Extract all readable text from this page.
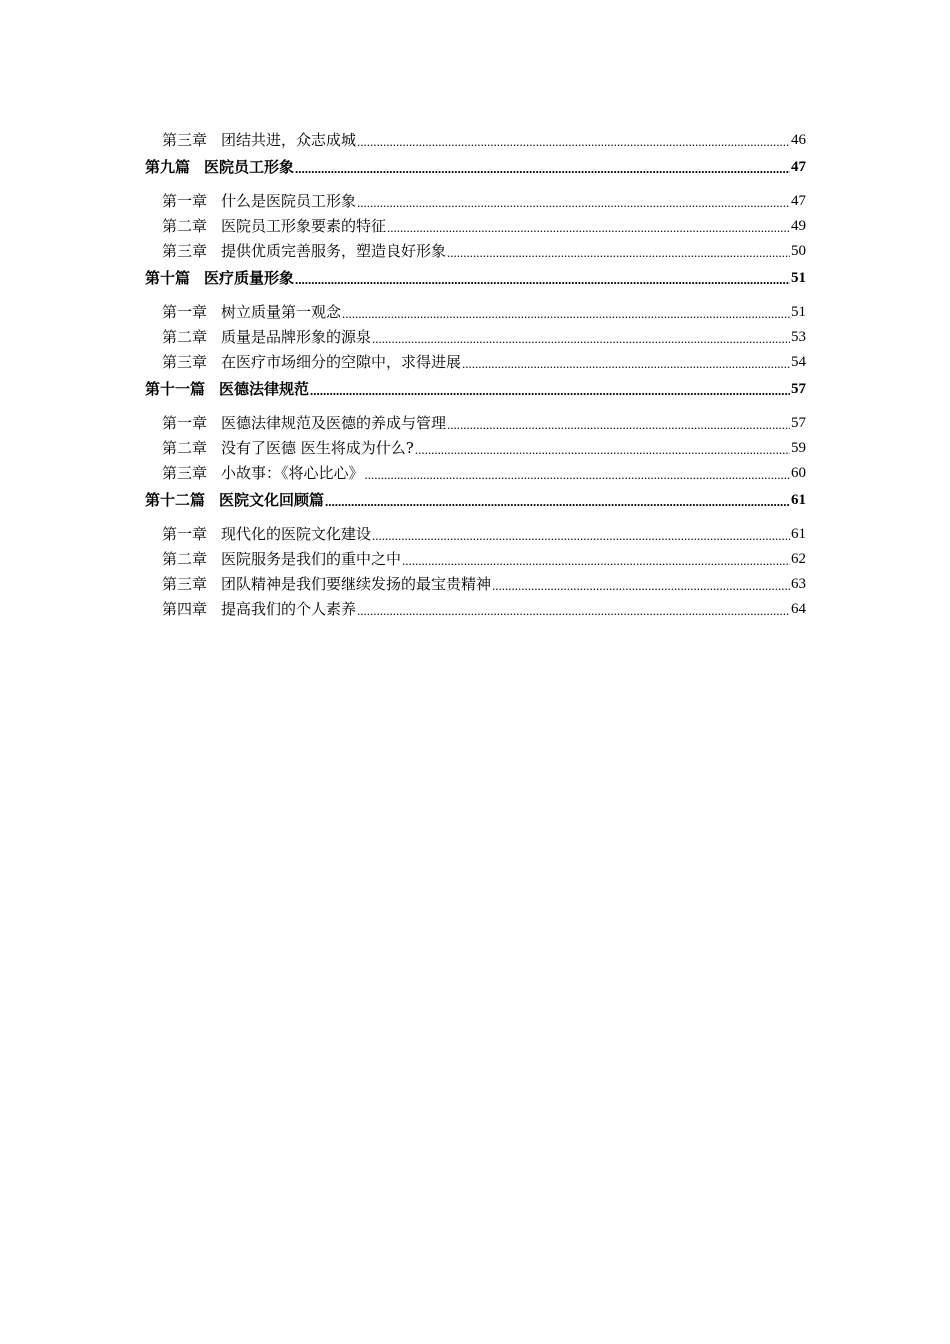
第三章 团结共进，众志成城 .....	46
第九篇 医院员工形象 .....	47
第一章 什么是医院员工形象 .....	47
第二章 医院员工形象要素的特征 .....	49
第三章 提供优质完善服务，塑造良好形象 .....	50
第十篇 医疗质量形象 .....	51
第一章 树立质量第一观念 .....	51
第二章 质量是品牌形象的源泉 .....	53
第三章 在医疗市场细分的空隙中，求得进展 .....	54
第十一篇 医德法律规范 .....	57
第一章 医德法律规范及医德的养成与管理 .....	57
第二章 没有了医德 医生将成为什么? .....	59
第三章 小故事：《将心比心》 .....	60
第十二篇 医院文化回顾篇 .....	61
第一章 现代化的医院文化建设 .....	61
第二章 医院服务是我们的重中之中 .....	62
第三章 团队精神是我们要继续发扬的最宝贵精神 .....	63
第四章 提高我们的个人素养 .....	64
